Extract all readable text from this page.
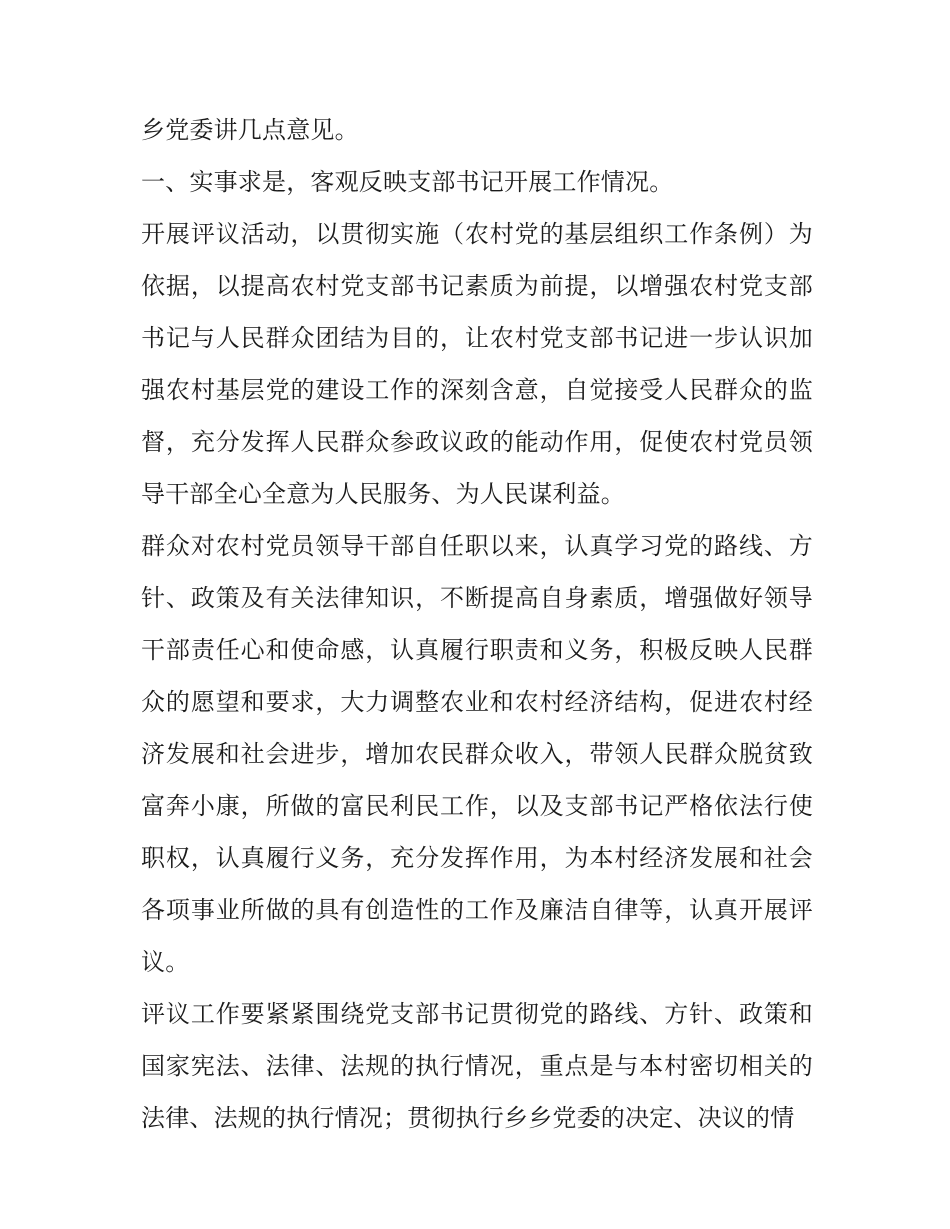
乡党委讲几点意见。

一、实事求是，客观反映支部书记开展工作情况。

开展评议活动，以贯彻实施（农村党的基层组织工作条例）为依据，以提高农村党支部书记素质为前提，以增强农村党支部书记与人民群众团结为目的，让农村党支部书记进一步认识加强农村基层党的建设工作的深刻含意，自觉接受人民群众的监督，充分发挥人民群众参政议政的能动作用，促使农村党员领导干部全心全意为人民服务、为人民谋利益。

群众对农村党员领导干部自任职以来，认真学习党的路线、方针、政策及有关法律知识，不断提高自身素质，增强做好领导干部责任心和使命感，认真履行职责和义务，积极反映人民群众的愿望和要求，大力调整农业和农村经济结构，促进农村经济发展和社会进步，增加农民群众收入，带领人民群众脱贫致富奔小康，所做的富民利民工作，以及支部书记严格依法行使职权，认真履行义务，充分发挥作用，为本村经济发展和社会各项事业所做的具有创造性的工作及廉洁自律等，认真开展评议。

评议工作要紧紧围绕党支部书记贯彻党的路线、方针、政策和国家宪法、法律、法规的执行情况，重点是与本村密切相关的法律、法规的执行情况；贯彻执行乡乡党委的决定、决议的情
